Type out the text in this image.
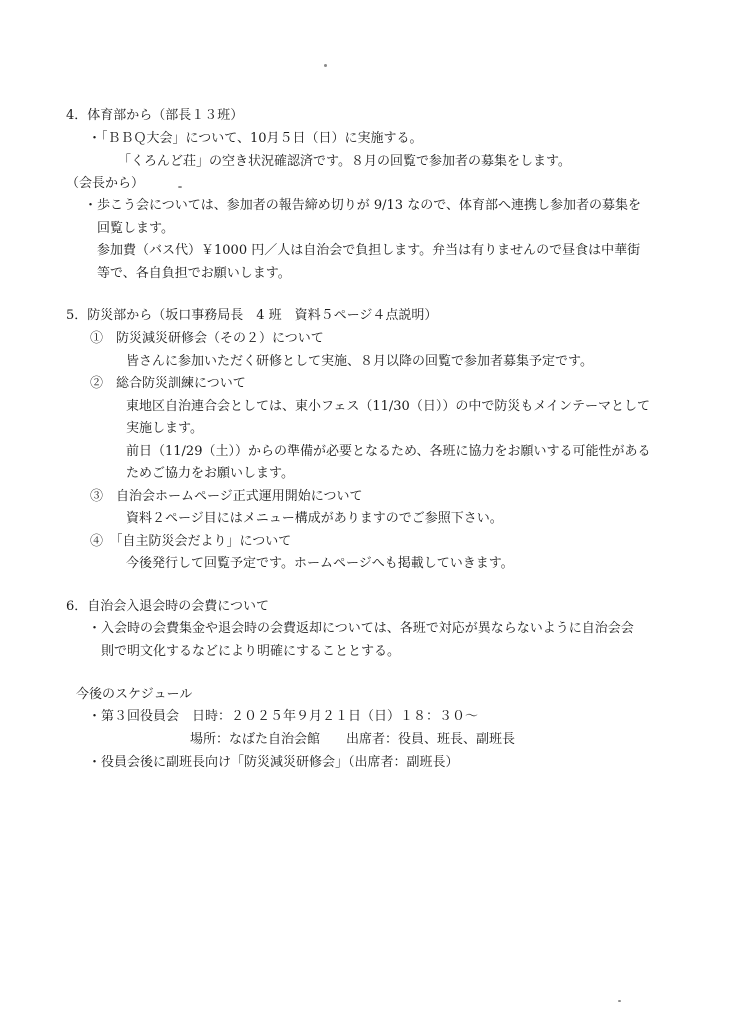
4．体育部から（部長１３班）
・「ＢＢＱ大会」について、10月５日（日）に実施する。
「くろんど荘」の空き状況確認済です。８月の回覧で参加者の募集をします。
（会長から）
・歩こう会については、参加者の報告締め切りが 9/13 なので、体育部へ連携し参加者の募集を
回覧します。
参加費（バス代）￥1000 円／人は自治会で負担します。弁当は有りませんので昼食は中華街
等で、各自負担でお願いします。
5．防災部から（坂口事務局長　4 班　資料５ページ４点説明）
①　防災減災研修会（その２）について
皆さんに参加いただく研修として実施、８月以降の回覧で参加者募集予定です。
②　総合防災訓練について
東地区自治連合会としては、東小フェス（11/30（日））の中で防災もメインテーマとして
実施します。
前日（11/29（土））からの準備が必要となるため、各班に協力をお願いする可能性がある
ためご協力をお願いします。
③　自治会ホームページ正式運用開始について
資料２ページ目にはメニュー構成がありますのでご参照下さい。
④　「自主防災会だより」について
今後発行して回覧予定です。ホームページへも掲載していきます。
6．自治会入退会時の会費について
・入会時の会費集金や退会時の会費返却については、各班で対応が異ならないように自治会会
則で明文化するなどにより明確にすることとする。
今後のスケジュール
・第３回役員会　日時：２０２５年９月２１日（日）１８：３０～
場所：なばた自治会館　　出席者：役員、班長、副班長
・役員会後に副班長向け「防災減災研修会」（出席者：副班長）
